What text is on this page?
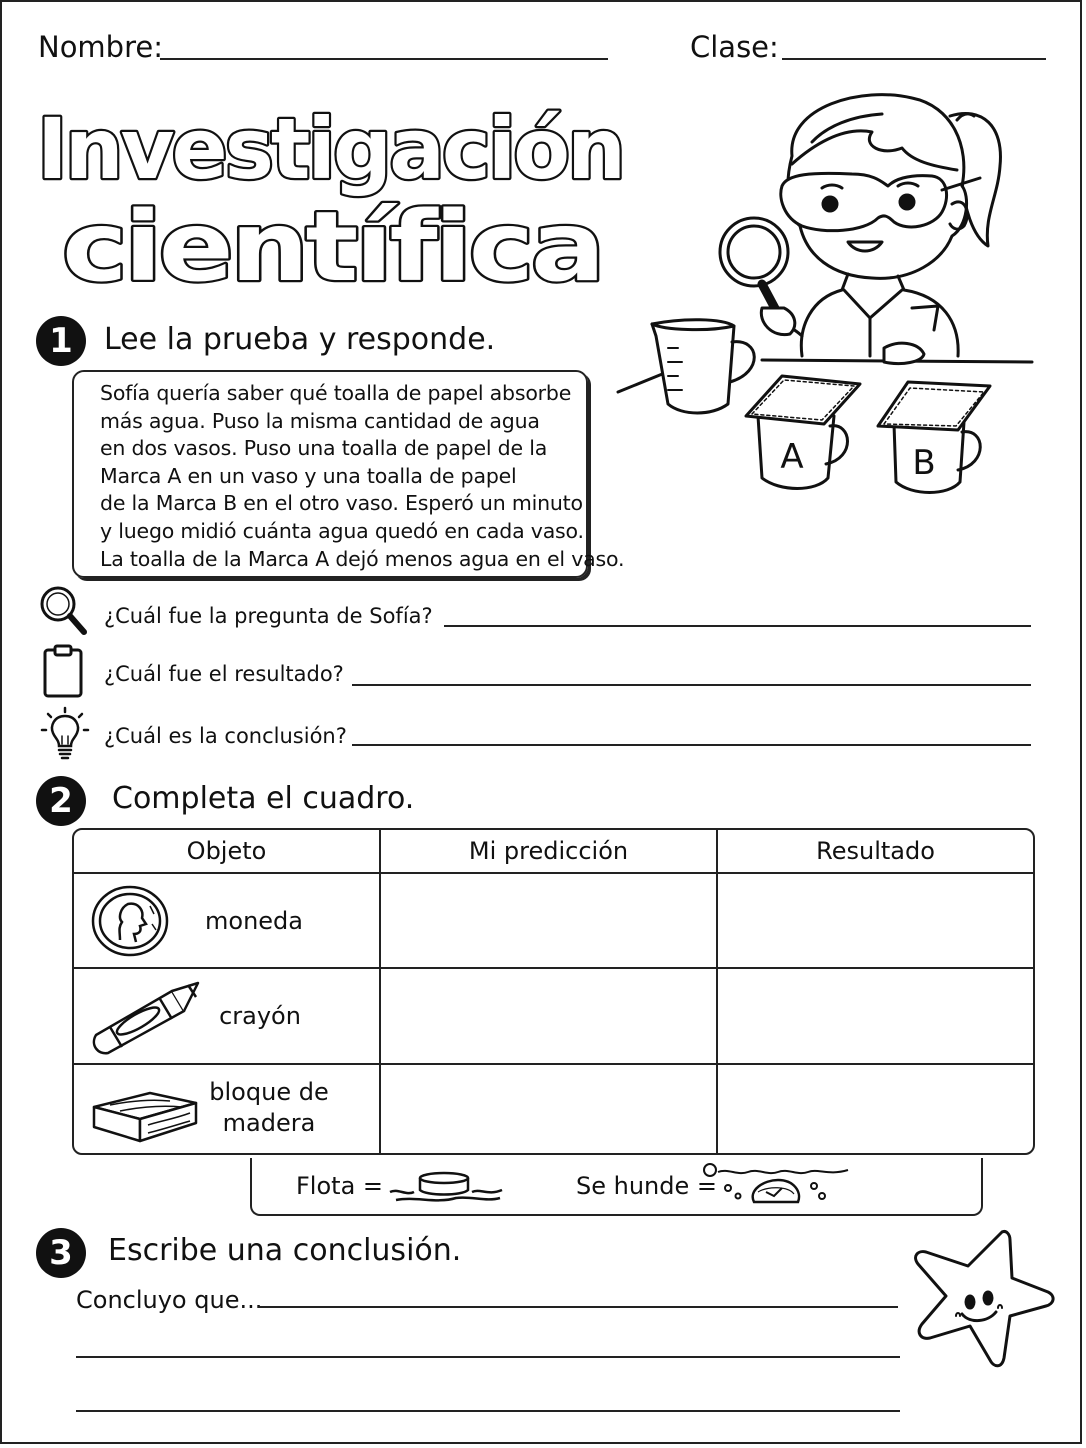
Nombre:	Clase:
Investigación
científica
A	B
1	Lee la prueba y responde.

Sofía quería saber qué toalla de papel absorbe

más agua. Puso la misma cantidad de agua

en dos vasos. Puso una toalla de papel de la

Marca A en un vaso y una toalla de papel

de la Marca B en el otro vaso. Esperó un minuto

y luego midió cuánta agua quedó en cada vaso.

La toalla de la Marca A dejó menos agua en el vaso.

¿Cuál fue la pregunta de Sofía?
¿Cuál fue el resultado?
¿Cuál es la conclusión?
2	Completa el cuadro.
Objeto	Mi predicción	Resultado

moneda		

crayón		

bloque de
madera		

Flota =	Se hunde =
3	Escribe una conclusión.
Concluyo que...
